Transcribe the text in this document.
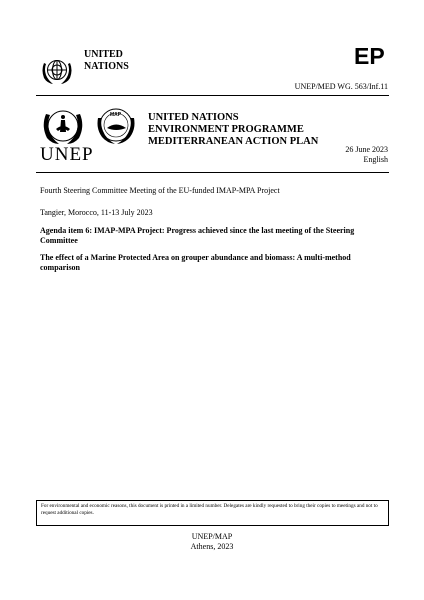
UNITED
NATIONS	EP
UNEP/MED WG. 563/Inf.11
MAP	UNITED NATIONS
ENVIRONMENT PROGRAMME
MEDITERRANEAN ACTION PLAN
UNEP	26 June 2023
English
Fourth Steering Committee Meeting of the EU-funded IMAP-MPA Project
Tangier, Morocco, 11-13 July 2023
Agenda item 6: IMAP-MPA Project: Progress achieved since the last meeting of the Steering Committee
The effect of a Marine Protected Area on grouper abundance and biomass: A multi-method comparison
For environmental and economic reasons, this document is printed in a limited number. Delegates are kindly requested to bring their copies to meetings and not to request additional copies.
UNEP/MAP
Athens, 2023
